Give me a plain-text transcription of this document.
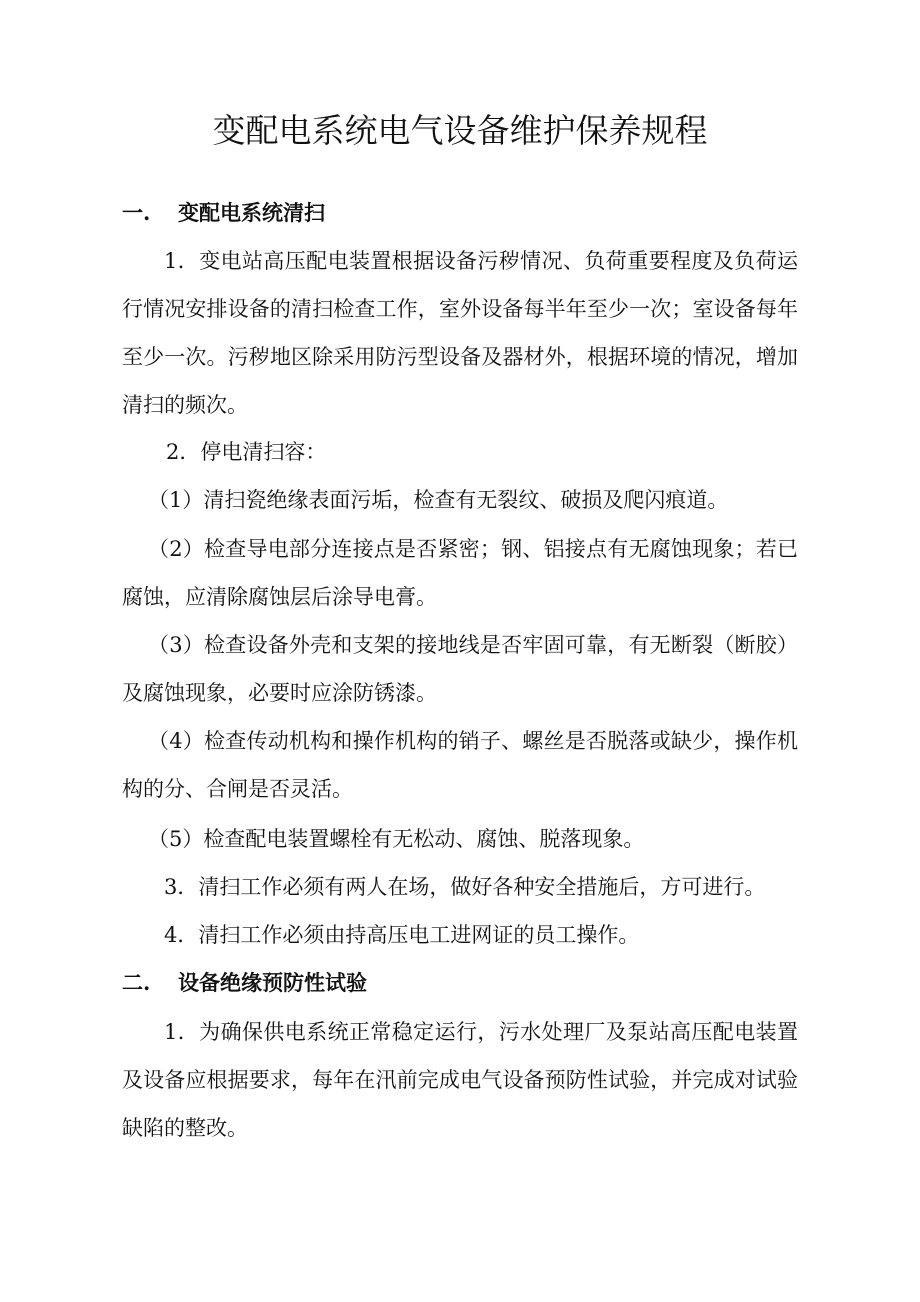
变配电系统电气设备维护保养规程
一. 变配电系统清扫

1．变电站高压配电装置根据设备污秽情况、负荷重要程度及负荷运行情况安排设备的清扫检查工作，室外设备每半年至少一次；室设备每年至少一次。污秽地区除采用防污型设备及器材外，根据环境的情况，增加清扫的频次。

2．停电清扫容：
（1）清扫瓷绝缘表面污垢，检查有无裂纹、破损及爬闪痕道。

（2）检查导电部分连接点是否紧密；钢、铝接点有无腐蚀现象；若已腐蚀，应清除腐蚀层后涂导电膏。

（3）检查设备外壳和支架的接地线是否牢固可靠，有无断裂（断胶）及腐蚀现象，必要时应涂防锈漆。

（4）检查传动机构和操作机构的销子、螺丝是否脱落或缺少，操作机构的分、合闸是否灵活。

（5）检查配电装置螺栓有无松动、腐蚀、脱落现象。
3．清扫工作必须有两人在场，做好各种安全措施后，方可进行。
4．清扫工作必须由持高压电工进网证的员工操作。
二. 设备绝缘预防性试验

1．为确保供电系统正常稳定运行，污水处理厂及泵站高压配电装置及设备应根据要求，每年在汛前完成电气设备预防性试验，并完成对试验缺陷的整改。
